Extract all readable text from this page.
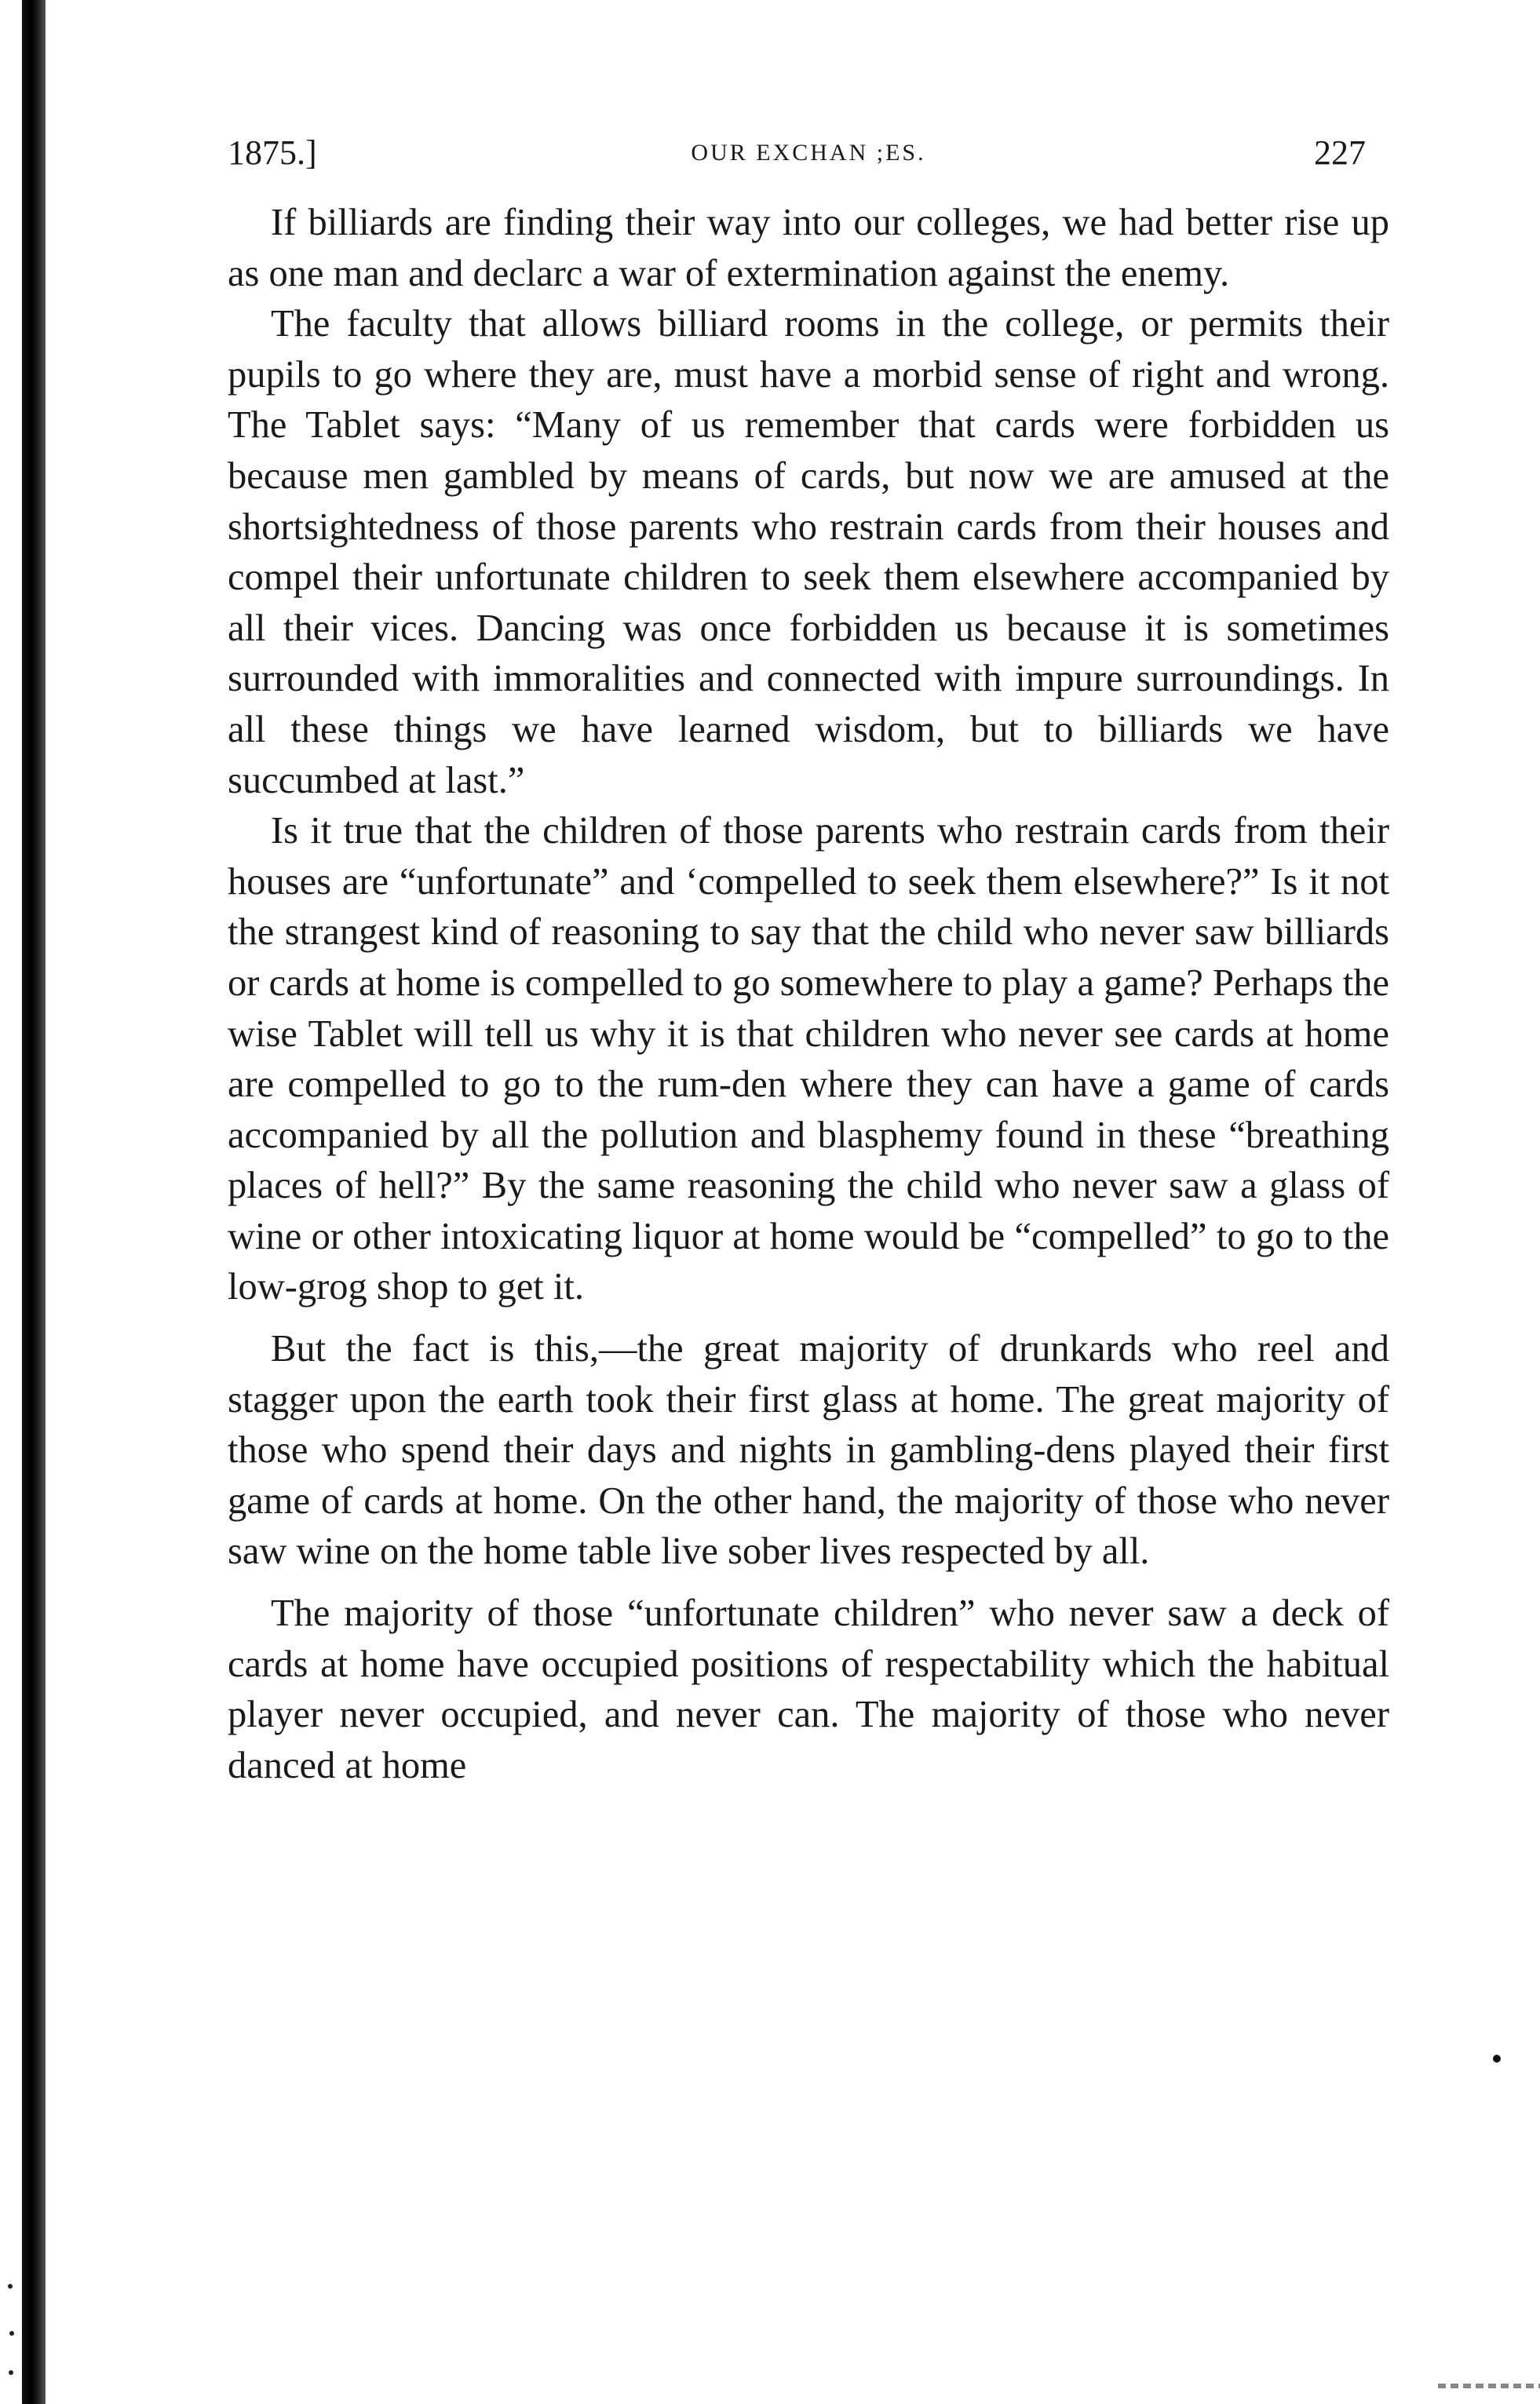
1875.]	OUR EXCHAN ;ES.	227

If billiards are finding their way into our colleges, we had better rise up as one man and declarc a war of extermination against the enemy.

The faculty that allows billiard rooms in the college, or permits their pupils to go where they are, must have a morbid sense of right and wrong. The Tablet says: “Many of us remember that cards were forbidden us because men gambled by means of cards, but now we are amused at the shortsightedness of those parents who restrain cards from their houses and compel their unfortunate children to seek them elsewhere accompanied by all their vices. Dancing was once forbidden us because it is sometimes surrounded with immoralities and connected with impure surroundings. In all these things we have learned wisdom, but to billiards we have succumbed at last.”

Is it true that the children of those parents who restrain cards from their houses are “unfortunate” and ‘compelled to seek them elsewhere?” Is it not the strangest kind of reasoning to say that the child who never saw billiards or cards at home is compelled to go somewhere to play a game? Perhaps the wise Tablet will tell us why it is that children who never see cards at home are compelled to go to the rum-den where they can have a game of cards accompanied by all the pollution and blasphemy found in these “breathing places of hell?” By the same reasoning the child who never saw a glass of wine or other intoxicating liquor at home would be “compelled” to go to the low-grog shop to get it.

But the fact is this,—the great majority of drunkards who reel and stagger upon the earth took their first glass at home. The great majority of those who spend their days and nights in gambling-dens played their first game of cards at home. On the other hand, the majority of those who never saw wine on the home table live sober lives respected by all.

The majority of those “unfortunate children” who never saw a deck of cards at home have occupied positions of respectability which the habitual player never occupied, and never can. The majority of those who never danced at home
